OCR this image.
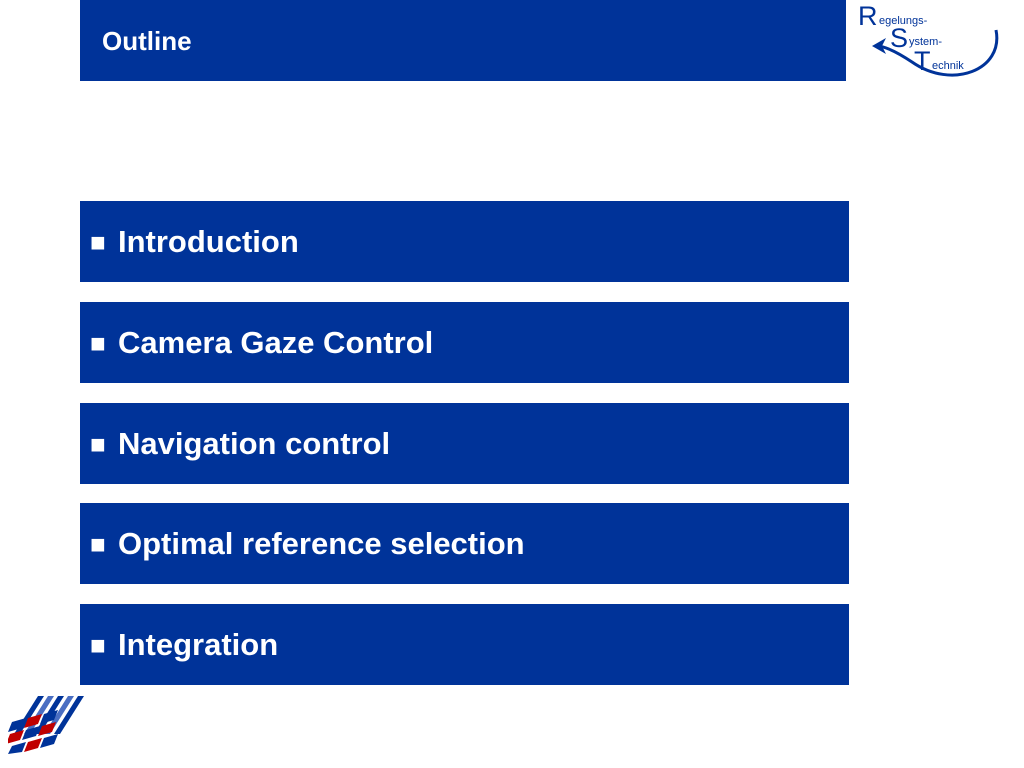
Outline
R egelungs-
S ystem-
T echnik
■ Introduction
■ Camera Gaze Control
■ Navigation control
■ Optimal reference selection
■ Integration
